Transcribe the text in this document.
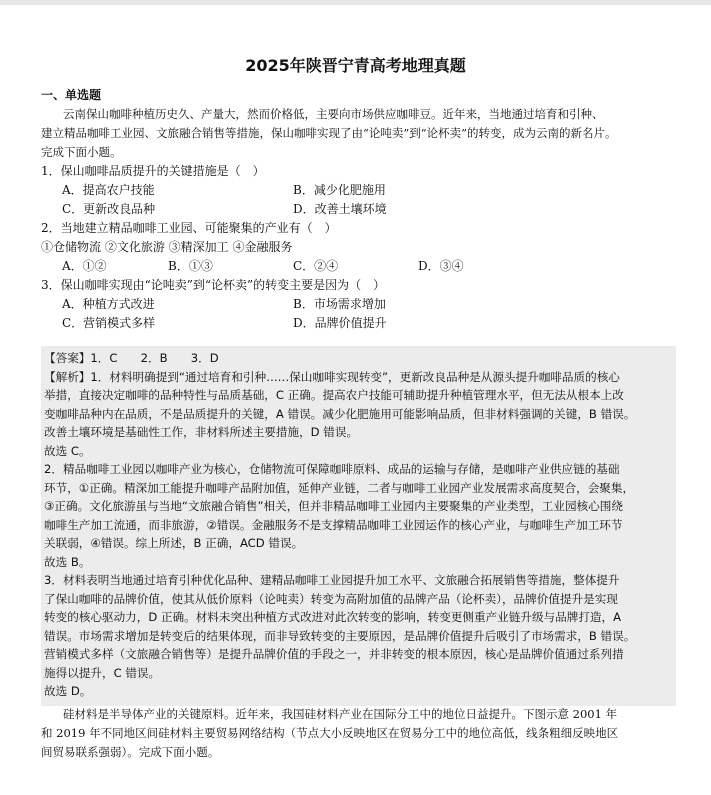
2025年陕晋宁青高考地理真题
一、单选题
云南保山咖啡种植历史久、产量大，然而价格低，主要向市场供应咖啡豆。近年来，当地通过培育和引种、
建立精品咖啡工业园、文旅融合销售等措施，保山咖啡实现了由“论吨卖”到“论杯卖”的转变，成为云南的新名片。
完成下面小题。
1．保山咖啡品质提升的关键措施是（　）
A．提高农户技能	B．减少化肥施用
C．更新改良品种	D．改善土壤环境
2．当地建立精品咖啡工业园、可能聚集的产业有（　）
①仓储物流 ②文化旅游 ③精深加工 ④金融服务
A．①②	B．①③	C．②④	D．③④
3．保山咖啡实现由“论吨卖”到“论杯卖”的转变主要是因为（　）
A．种植方式改进	B．市场需求增加
C．营销模式多样	D．品牌价值提升
【答案】1．C　　2．B　　3．D
【解析】1．材料明确提到“通过培育和引种……保山咖啡实现转变”，更新改良品种是从源头提升咖啡品质的核心
举措，直接决定咖啡的品种特性与品质基础，C 正确。提高农户技能可辅助提升种植管理水平，但无法从根本上改
变咖啡品种内在品质，不是品质提升的关键，A 错误。减少化肥施用可能影响品质，但非材料强调的关键，B 错误。
改善土壤环境是基础性工作，非材料所述主要措施，D 错误。
故选 C。
2．精品咖啡工业园以咖啡产业为核心，仓储物流可保障咖啡原料、成品的运输与存储，是咖啡产业供应链的基础
环节，①正确。精深加工能提升咖啡产品附加值，延伸产业链，二者与咖啡工业园产业发展需求高度契合，会聚集，
③正确。文化旅游虽与当地“文旅融合销售”相关，但并非精品咖啡工业园内主要聚集的产业类型，工业园核心围绕
咖啡生产加工流通，而非旅游，②错误。金融服务不是支撑精品咖啡工业园运作的核心产业，与咖啡生产加工环节
关联弱，④错误。综上所述，B 正确，ACD 错误。
故选 B。
3．材料表明当地通过培育引种优化品种、建精品咖啡工业园提升加工水平、文旅融合拓展销售等措施，整体提升
了保山咖啡的品牌价值，使其从低价原料（论吨卖）转变为高附加值的品牌产品（论杯卖），品牌价值提升是实现
转变的核心驱动力，D 正确。材料未突出种植方式改进对此次转变的影响，转变更侧重产业链升级与品牌打造，A
错误。市场需求增加是转变后的结果体现，而非导致转变的主要原因，是品牌价值提升后吸引了市场需求，B 错误。
营销模式多样（文旅融合销售等）是提升品牌价值的手段之一，并非转变的根本原因，核心是品牌价值通过系列措
施得以提升，C 错误。
故选 D。
硅材料是半导体产业的关键原料。近年来，我国硅材料产业在国际分工中的地位日益提升。下图示意 2001 年
和 2019 年不同地区间硅材料主要贸易网络结构（节点大小反映地区在贸易分工中的地位高低，线条粗细反映地区
间贸易联系强弱）。完成下面小题。
